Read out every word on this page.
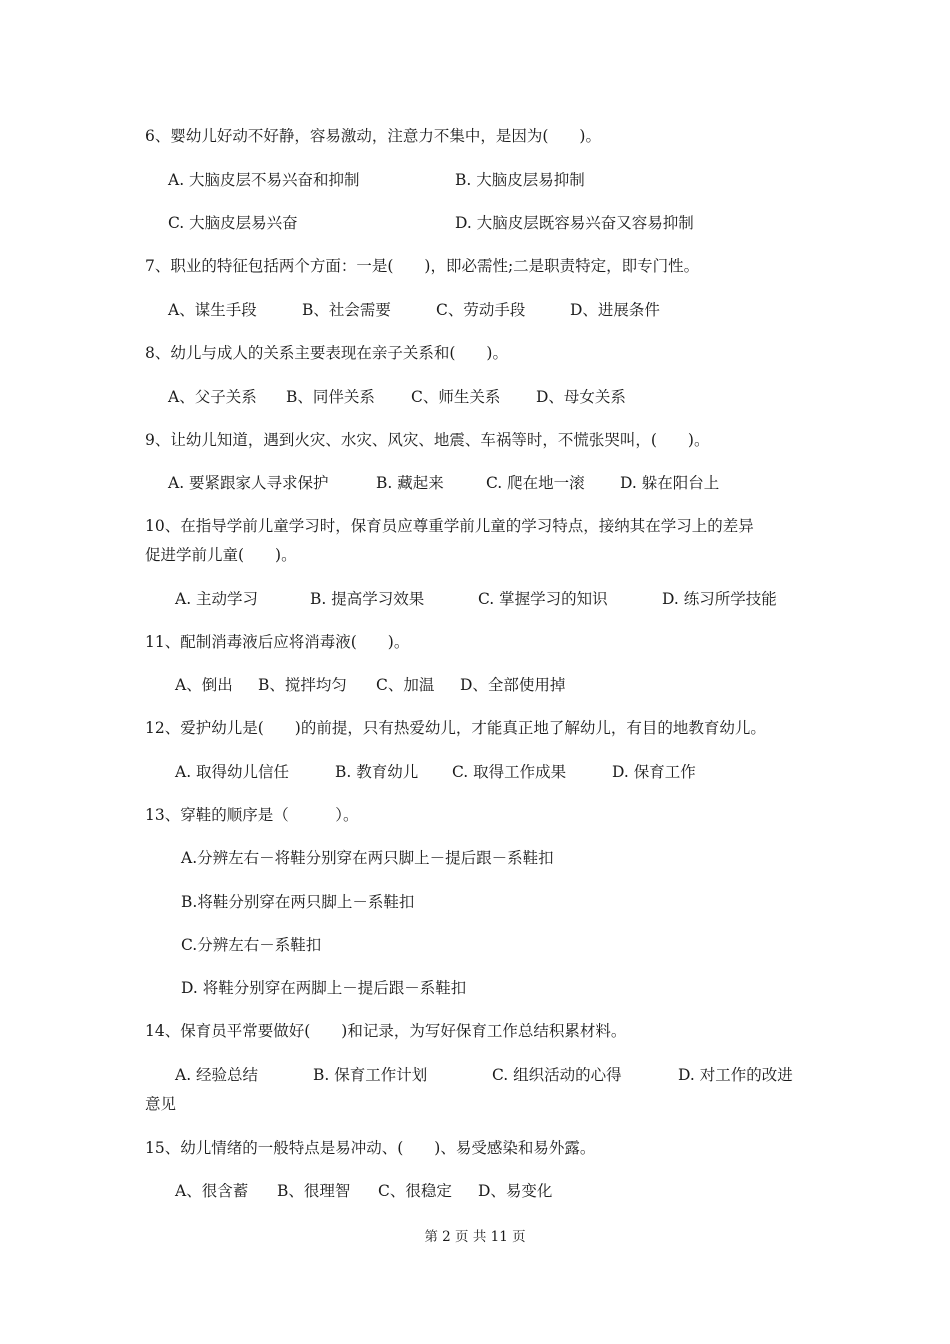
6、婴幼儿好动不好静，容易激动，注意力不集中，是因为(　　)。
A. 大脑皮层不易兴奋和抑制	B. 大脑皮层易抑制
C. 大脑皮层易兴奋	D. 大脑皮层既容易兴奋又容易抑制
7、职业的特征包括两个方面：一是(　　)，即必需性;二是职责特定，即专门性。
A、谋生手段	B、社会需要	C、劳动手段	D、进展条件
8、幼儿与成人的关系主要表现在亲子关系和(　　)。
A、父子关系 B、同伴关系 C、师生关系 D、母女关系
9、让幼儿知道，遇到火灾、水灾、风灾、地震、车祸等时，不慌张哭叫，(　　)。
A. 要紧跟家人寻求保护	B. 藏起来	C. 爬在地一滚 D. 躲在阳台上
10、在指导学前儿童学习时，保育员应尊重学前儿童的学习特点，接纳其在学习上的差异
促进学前儿童(　　)。
A. 主动学习	B. 提高学习效果	C. 掌握学习的知识	D. 练习所学技能
11、配制消毒液后应将消毒液(　　)。
A、倒出 B、搅拌均匀 C、加温 D、全部使用掉
12、爱护幼儿是(　　)的前提，只有热爱幼儿，才能真正地了解幼儿，有目的地教育幼儿。
A. 取得幼儿信任	B. 教育幼儿 C. 取得工作成果	D. 保育工作
13、穿鞋的顺序是（　　　）。
A.分辨左右－将鞋分别穿在两只脚上－提后跟－系鞋扣
B.将鞋分别穿在两只脚上－系鞋扣
C.分辨左右－系鞋扣
D. 将鞋分别穿在两脚上－提后跟－系鞋扣
14、保育员平常要做好(　　)和记录，为写好保育工作总结积累材料。
A. 经验总结	B. 保育工作计划	C. 组织活动的心得	D. 对工作的改进
意见
15、幼儿情绪的一般特点是易冲动、(　　)、易受感染和易外露。
A、很含蓄 B、很理智 C、很稳定 D、易变化
第 2 页 共 11 页
